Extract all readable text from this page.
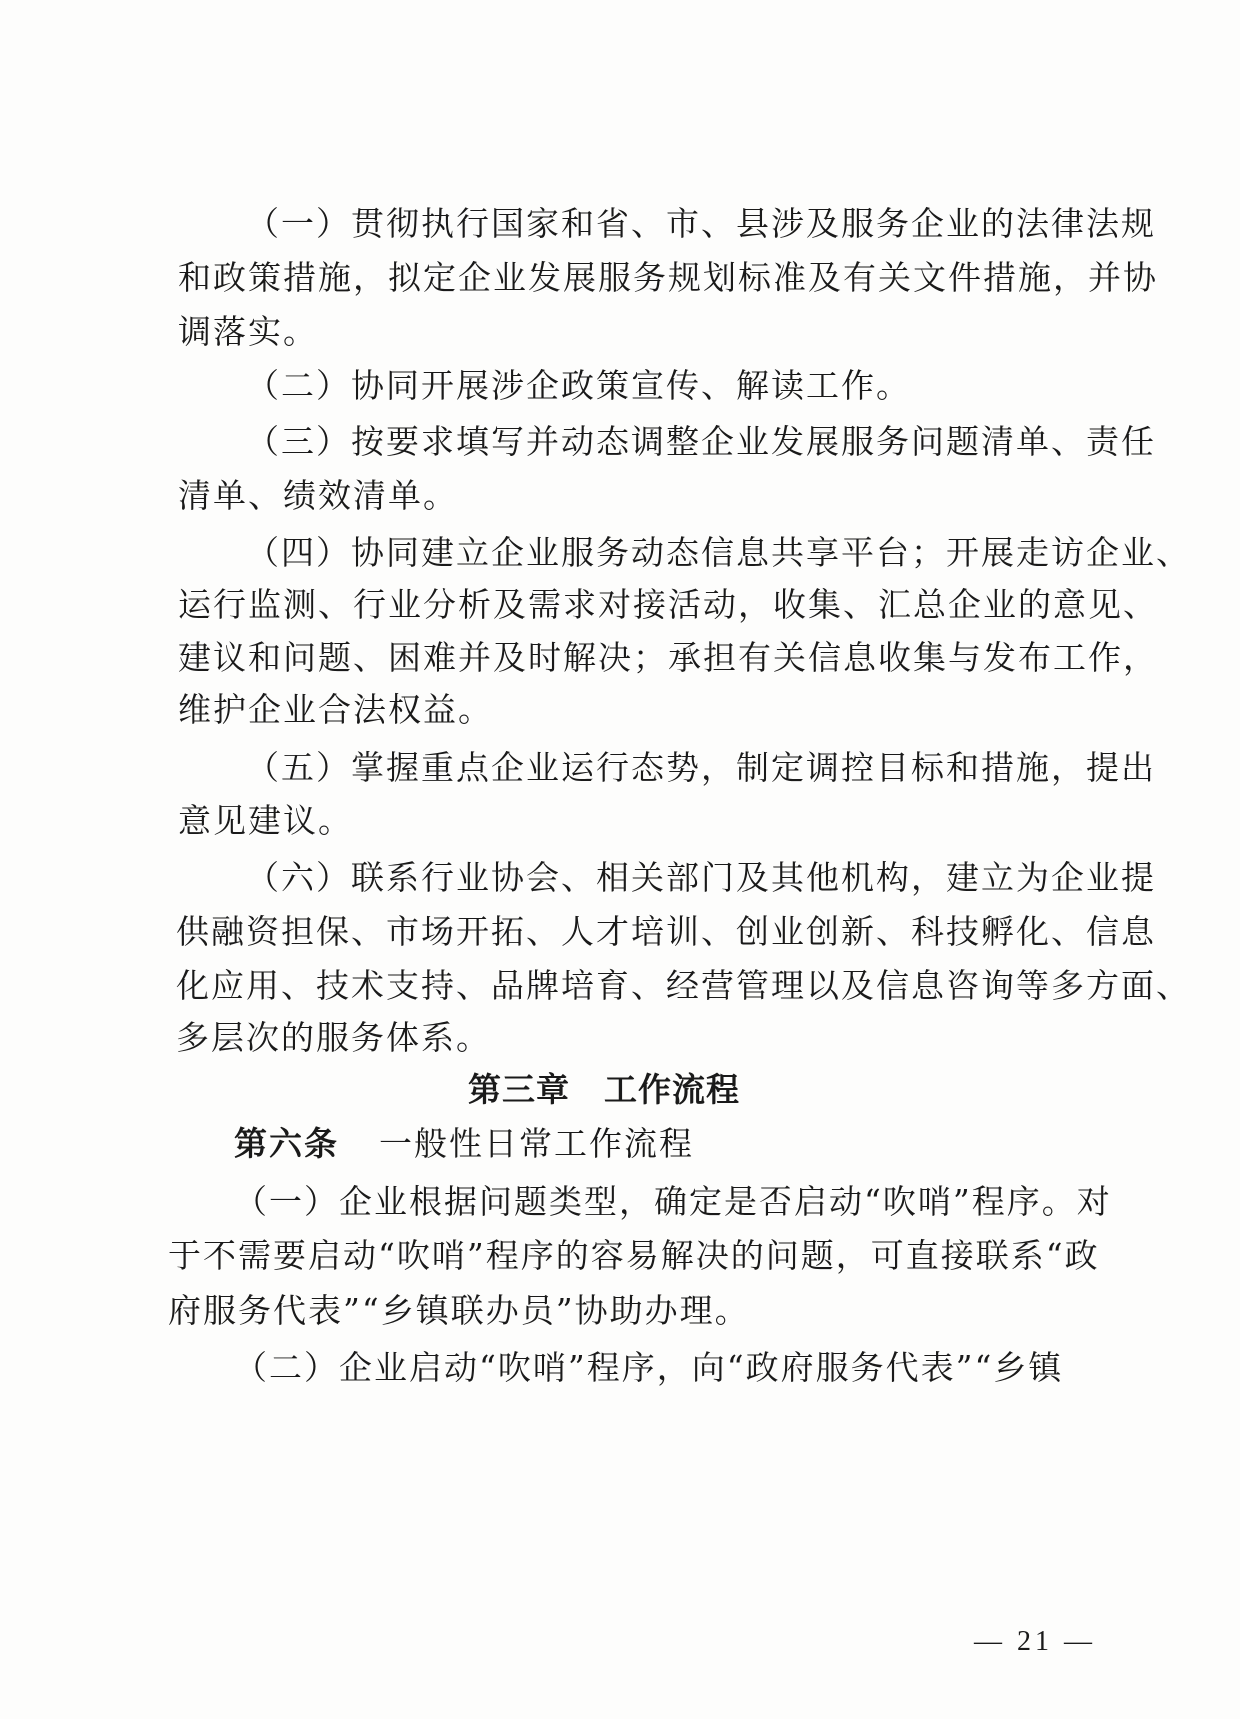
（一）贯彻执行国家和省、市、县涉及服务企业的法律法规
和政策措施，拟定企业发展服务规划标准及有关文件措施，并协
调落实。
（二）协同开展涉企政策宣传、解读工作。
（三）按要求填写并动态调整企业发展服务问题清单、责任
清单、绩效清单。
（四）协同建立企业服务动态信息共享平台；开展走访企业、
运行监测、行业分析及需求对接活动，收集、汇总企业的意见、
建议和问题、困难并及时解决；承担有关信息收集与发布工作，
维护企业合法权益。
（五）掌握重点企业运行态势，制定调控目标和措施，提出
意见建议。
（六）联系行业协会、相关部门及其他机构，建立为企业提
供融资担保、市场开拓、人才培训、创业创新、科技孵化、信息
化应用、技术支持、品牌培育、经营管理以及信息咨询等多方面、
多层次的服务体系。
第三章　工作流程
第六条 一般性日常工作流程
（一）企业根据问题类型，确定是否启动“吹哨”程序。对
于不需要启动“吹哨”程序的容易解决的问题，可直接联系“政
府服务代表”“乡镇联办员”协助办理。
（二）企业启动“吹哨”程序，向“政府服务代表”“乡镇
— 21 —
